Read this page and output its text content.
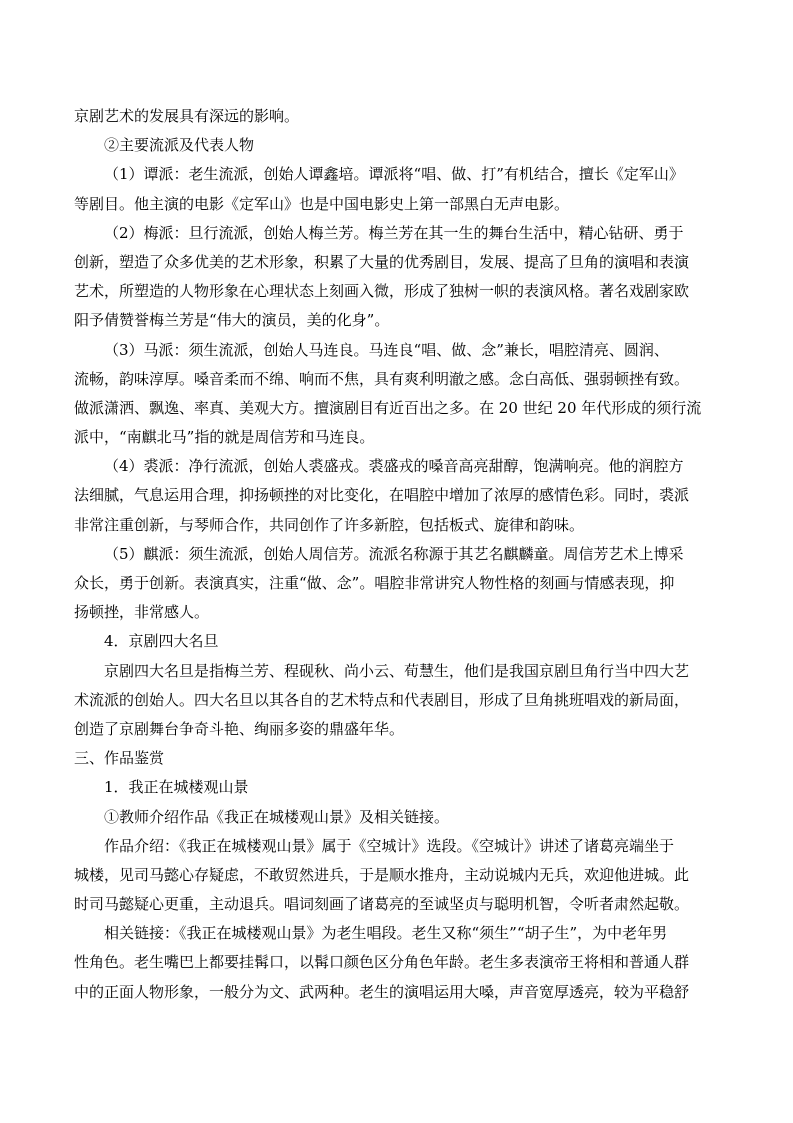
京剧艺术的发展具有深远的影响。
②主要流派及代表人物
（1）谭派：老生流派，创始人谭鑫培。谭派将“唱、做、打”有机结合，擅长《定军山》
等剧目。他主演的电影《定军山》也是中国电影史上第一部黑白无声电影。
（2）梅派：旦行流派，创始人梅兰芳。梅兰芳在其一生的舞台生活中，精心钻研、勇于
创新，塑造了众多优美的艺术形象，积累了大量的优秀剧目，发展、提高了旦角的演唱和表演
艺术，所塑造的人物形象在心理状态上刻画入微，形成了独树一帜的表演风格。著名戏剧家欧
阳予倩赞誉梅兰芳是“伟大的演员，美的化身”。
（3）马派：须生流派，创始人马连良。马连良“唱、做、念”兼长，唱腔清亮、圆润、
流畅，韵味淳厚。嗓音柔而不绵、响而不焦，具有爽利明澈之感。念白高低、强弱顿挫有致。
做派潇洒、飘逸、率真、美观大方。擅演剧目有近百出之多。在 20 世纪 20 年代形成的须行流
派中，“南麒北马”指的就是周信芳和马连良。
（4）裘派：净行流派，创始人裘盛戎。裘盛戎的嗓音高亮甜醇，饱满响亮。他的润腔方
法细腻，气息运用合理，抑扬顿挫的对比变化，在唱腔中增加了浓厚的感情色彩。同时，裘派
非常注重创新，与琴师合作，共同创作了许多新腔，包括板式、旋律和韵味。
（5）麒派：须生流派，创始人周信芳。流派名称源于其艺名麒麟童。周信芳艺术上博采
众长，勇于创新。表演真实，注重“做、念”。唱腔非常讲究人物性格的刻画与情感表现，抑
扬顿挫，非常感人。
4．京剧四大名旦
京剧四大名旦是指梅兰芳、程砚秋、尚小云、荀慧生，他们是我国京剧旦角行当中四大艺
术流派的创始人。四大名旦以其各自的艺术特点和代表剧目，形成了旦角挑班唱戏的新局面，
创造了京剧舞台争奇斗艳、绚丽多姿的鼎盛年华。
三、作品鉴赏
1．我正在城楼观山景
①教师介绍作品《我正在城楼观山景》及相关链接。
作品介绍：《我正在城楼观山景》属于《空城计》选段。《空城计》讲述了诸葛亮端坐于
城楼，见司马懿心存疑虑，不敢贸然进兵，于是顺水推舟，主动说城内无兵，欢迎他进城。此
时司马懿疑心更重，主动退兵。唱词刻画了诸葛亮的至诚坚贞与聪明机智，令听者肃然起敬。
相关链接：《我正在城楼观山景》为老生唱段。老生又称“须生”“胡子生”，为中老年男
性角色。老生嘴巴上都要挂髯口，以髯口颜色区分角色年龄。老生多表演帝王将相和普通人群
中的正面人物形象，一般分为文、武两种。老生的演唱运用大嗓，声音宽厚透亮，较为平稳舒
